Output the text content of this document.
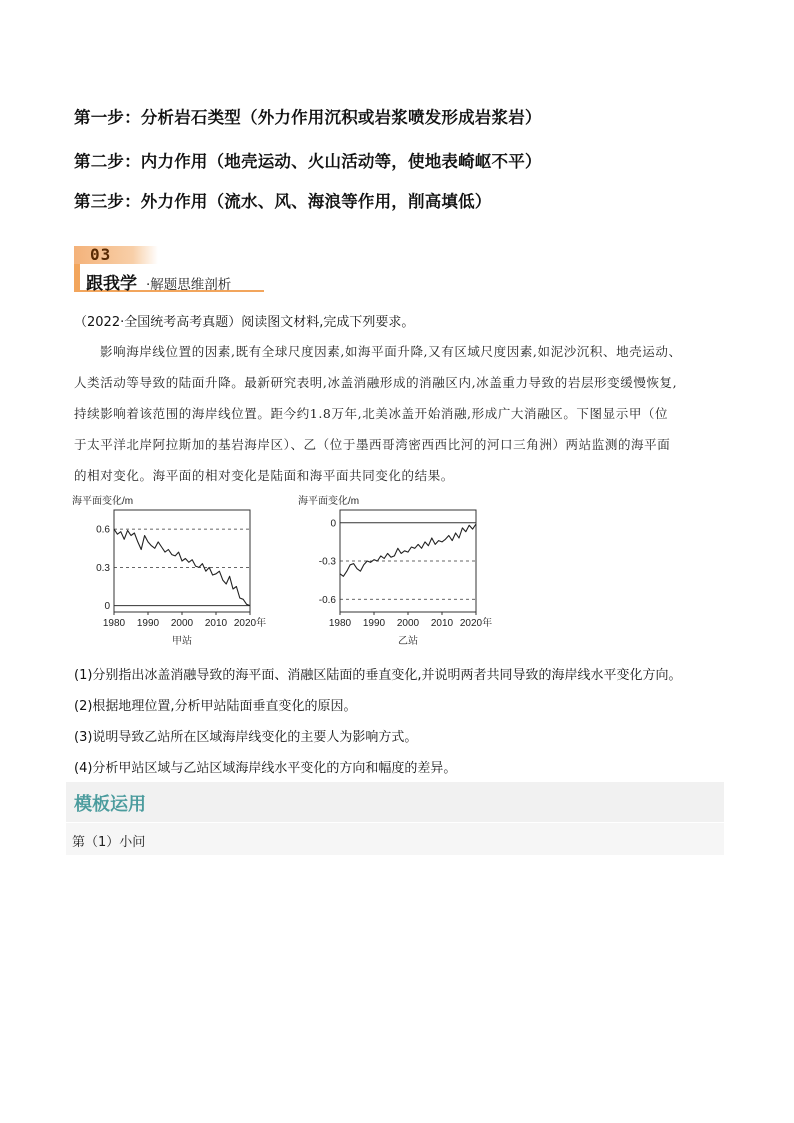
第一步：分析岩石类型（外力作用沉积或岩浆喷发形成岩浆岩）
第二步：内力作用（地壳运动、火山活动等，使地表崎岖不平）
第三步：外力作用（流水、风、海浪等作用，削高填低）
03
跟我学 ·解题思维剖析
（2022·全国统考高考真题）阅读图文材料,完成下列要求。
影响海岸线位置的因素,既有全球尺度因素,如海平面升降,又有区域尺度因素,如泥沙沉积、地壳运动、
人类活动等导致的陆面升降。最新研究表明,冰盖消融形成的消融区内,冰盖重力导致的岩层形变缓慢恢复,
持续影响着该范围的海岸线位置。距今约1.8万年,北美冰盖开始消融,形成广大消融区。下图显示甲（位
于太平洋北岸阿拉斯加的基岩海岸区）、乙（位于墨西哥湾密西西比河的河口三角洲）两站监测的海平面
的相对变化。海平面的相对变化是陆面和海平面共同变化的结果。
海平面变化/m
0.6
0.3
0
1980 1990 2000 2010 2020年
甲站
海平面变化/m
0
-0.3
-0.6
1980 1990 2000 2010 2020年
乙站
(1)分别指出冰盖消融导致的海平面、消融区陆面的垂直变化,并说明两者共同导致的海岸线水平变化方向。
(2)根据地理位置,分析甲站陆面垂直变化的原因。
(3)说明导致乙站所在区域海岸线变化的主要人为影响方式。
(4)分析甲站区域与乙站区域海岸线水平变化的方向和幅度的差异。
模板运用
第（1）小问
